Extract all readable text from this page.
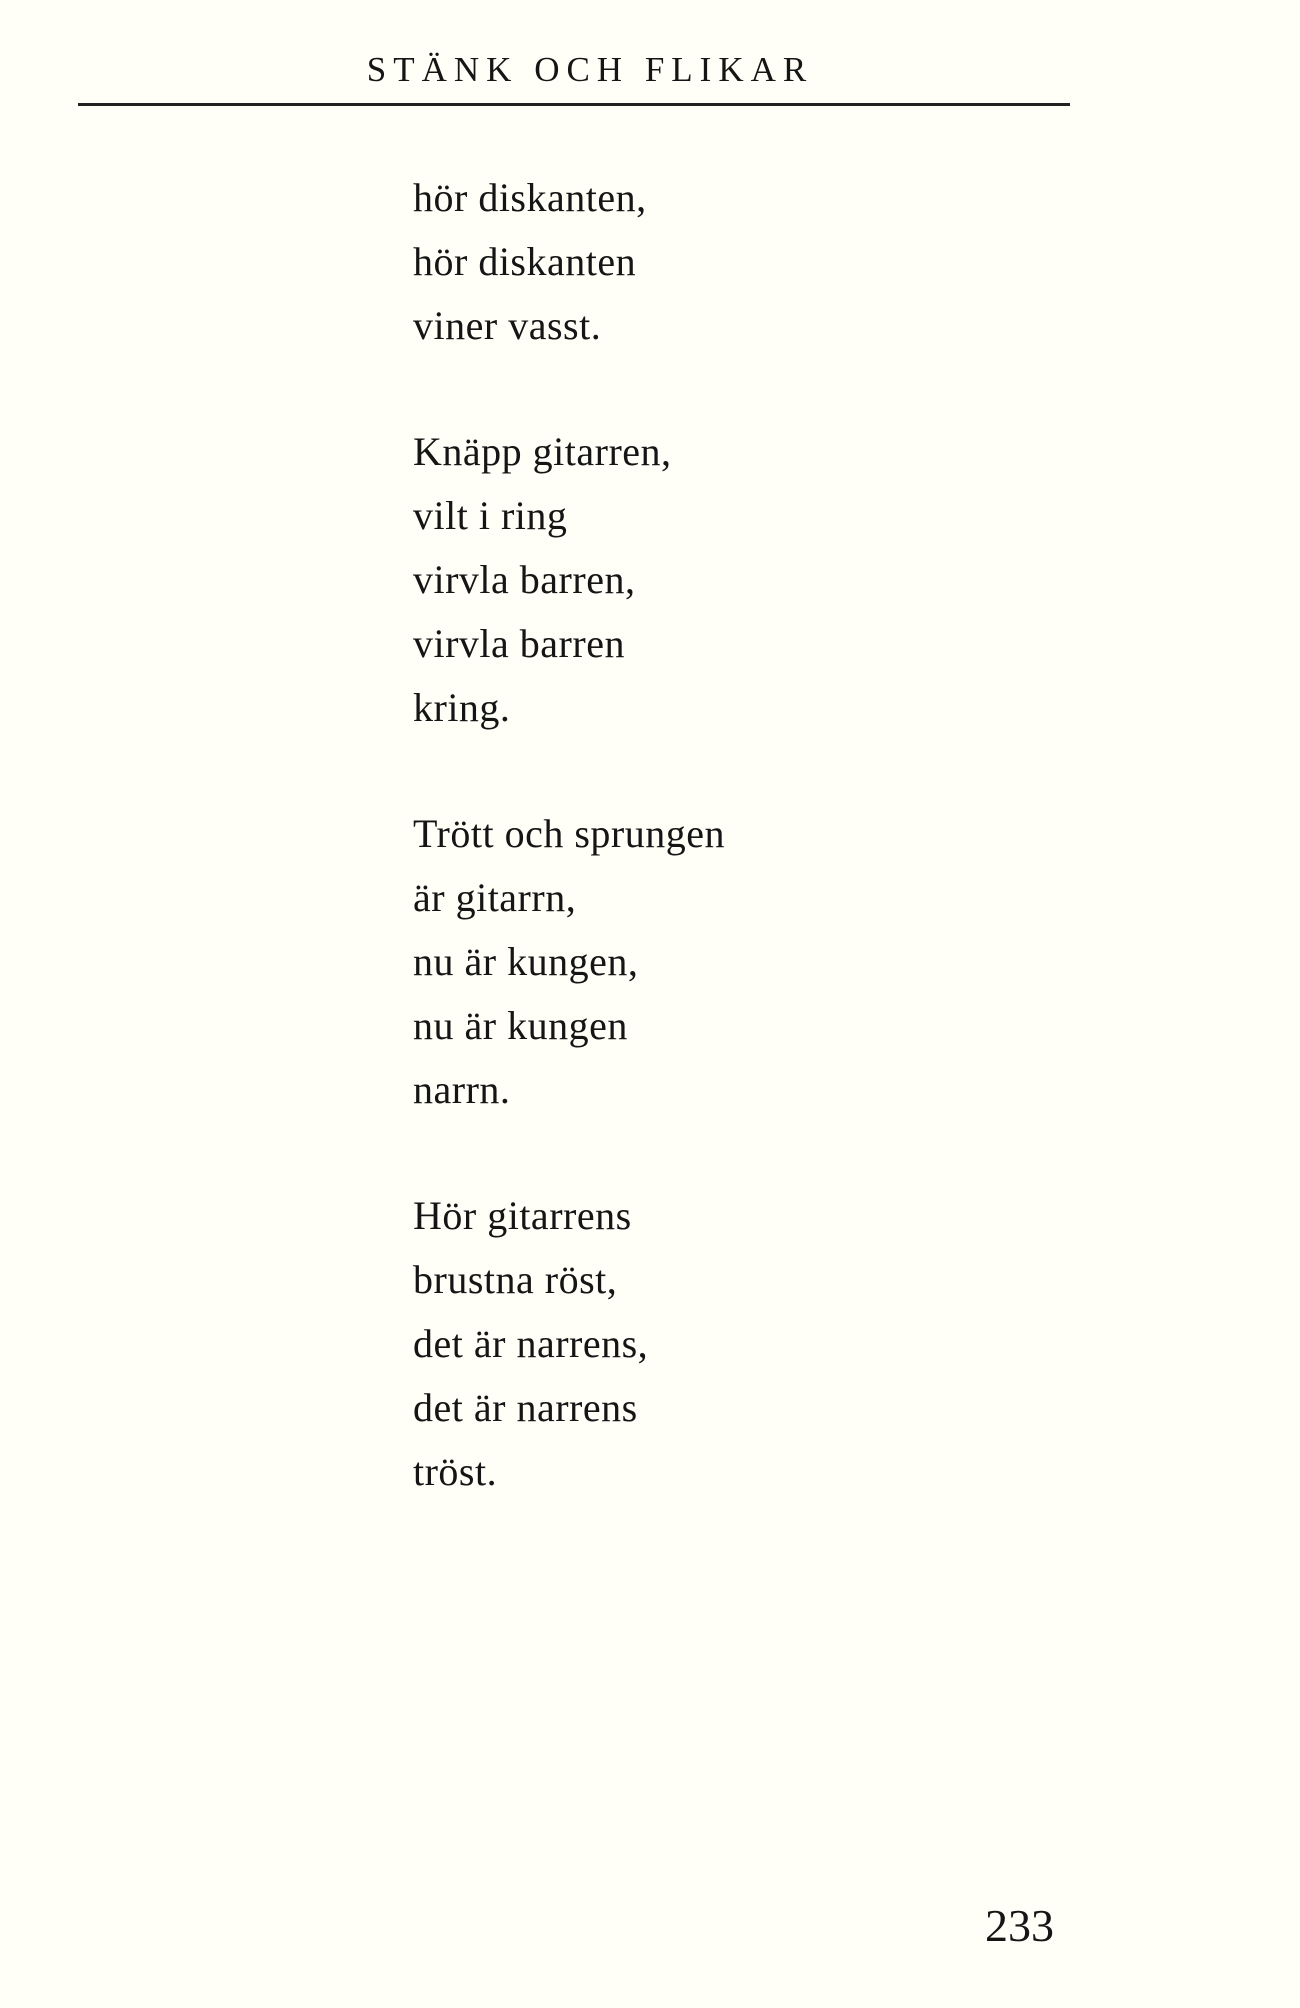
STÄNK OCH FLIKAR
hör diskanten,
hör diskanten
viner vasst.
Knäpp gitarren,
vilt i ring
virvla barren,
virvla barren
kring.
Trött och sprungen
är gitarrn,
nu är kungen,
nu är kungen
narrn.
Hör gitarrens
brustna röst,
det är narrens,
det är narrens
tröst.
233
